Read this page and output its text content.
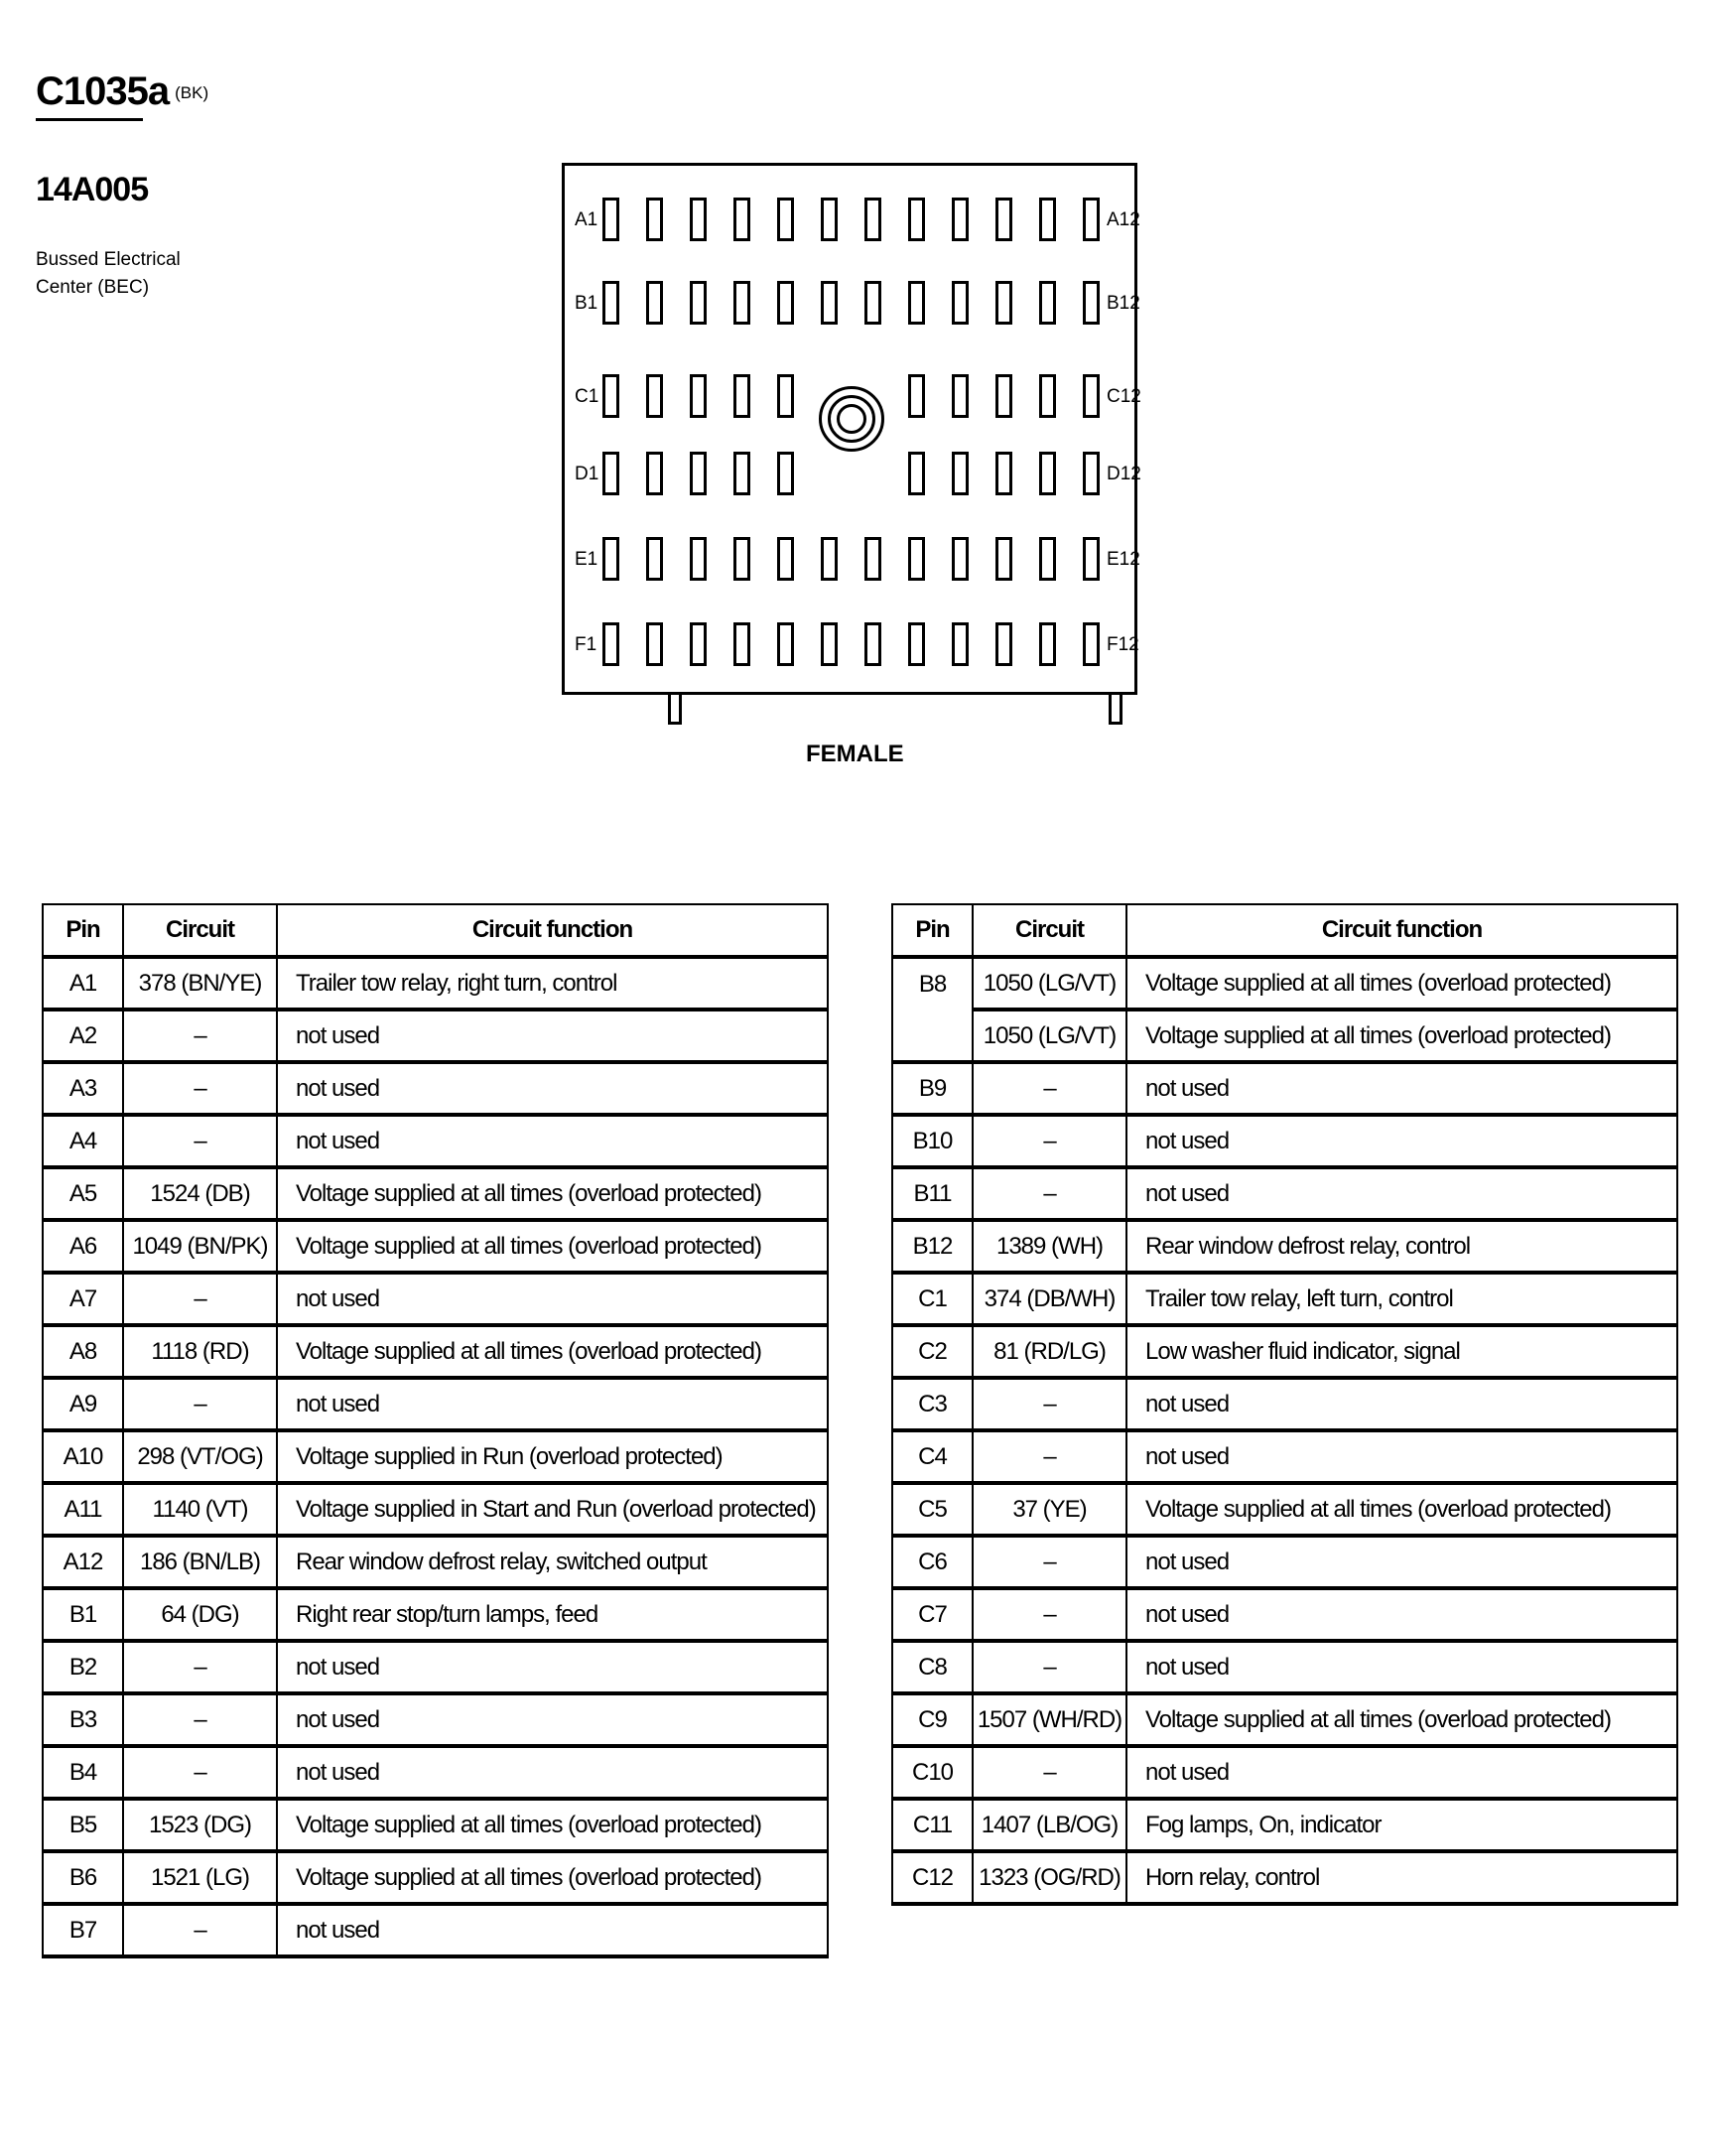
C1035a (BK)
14A005
Bussed Electrical
Center (BEC)
A1	A12
B1	B12
C1	C12
D1	D12
E1	E12
F1	F12
FEMALE
Pin	Circuit	Circuit function
A1	378 (BN/YE)	Trailer tow relay, right turn, control
A2	–	not used
A3	–	not used
A4	–	not used
A5	1524 (DB)	Voltage supplied at all times (overload protected)
A6	1049 (BN/PK)	Voltage supplied at all times (overload protected)
A7	–	not used
A8	1118 (RD)	Voltage supplied at all times (overload protected)
A9	–	not used
A10	298 (VT/OG)	Voltage supplied in Run (overload protected)
A11	1140 (VT)	Voltage supplied in Start and Run (overload protected)
A12	186 (BN/LB)	Rear window defrost relay, switched output
B1	64 (DG)	Right rear stop/turn lamps, feed
B2	–	not used
B3	–	not used
B4	–	not used
B5	1523 (DG)	Voltage supplied at all times (overload protected)
B6	1521 (LG)	Voltage supplied at all times (overload protected)
B7	–	not used
Pin	Circuit	Circuit function
B8	1050 (LG/VT)	Voltage supplied at all times (overload protected)
	1050 (LG/VT)	Voltage supplied at all times (overload protected)
B9	–	not used
B10	–	not used
B11	–	not used
B12	1389 (WH)	Rear window defrost relay, control
C1	374 (DB/WH)	Trailer tow relay, left turn, control
C2	81 (RD/LG)	Low washer fluid indicator, signal
C3	–	not used
C4	–	not used
C5	37 (YE)	Voltage supplied at all times (overload protected)
C6	–	not used
C7	–	not used
C8	–	not used
C9	1507 (WH/RD)	Voltage supplied at all times (overload protected)
C10	–	not used
C11	1407 (LB/OG)	Fog lamps, On, indicator
C12	1323 (OG/RD)	Horn relay, control
